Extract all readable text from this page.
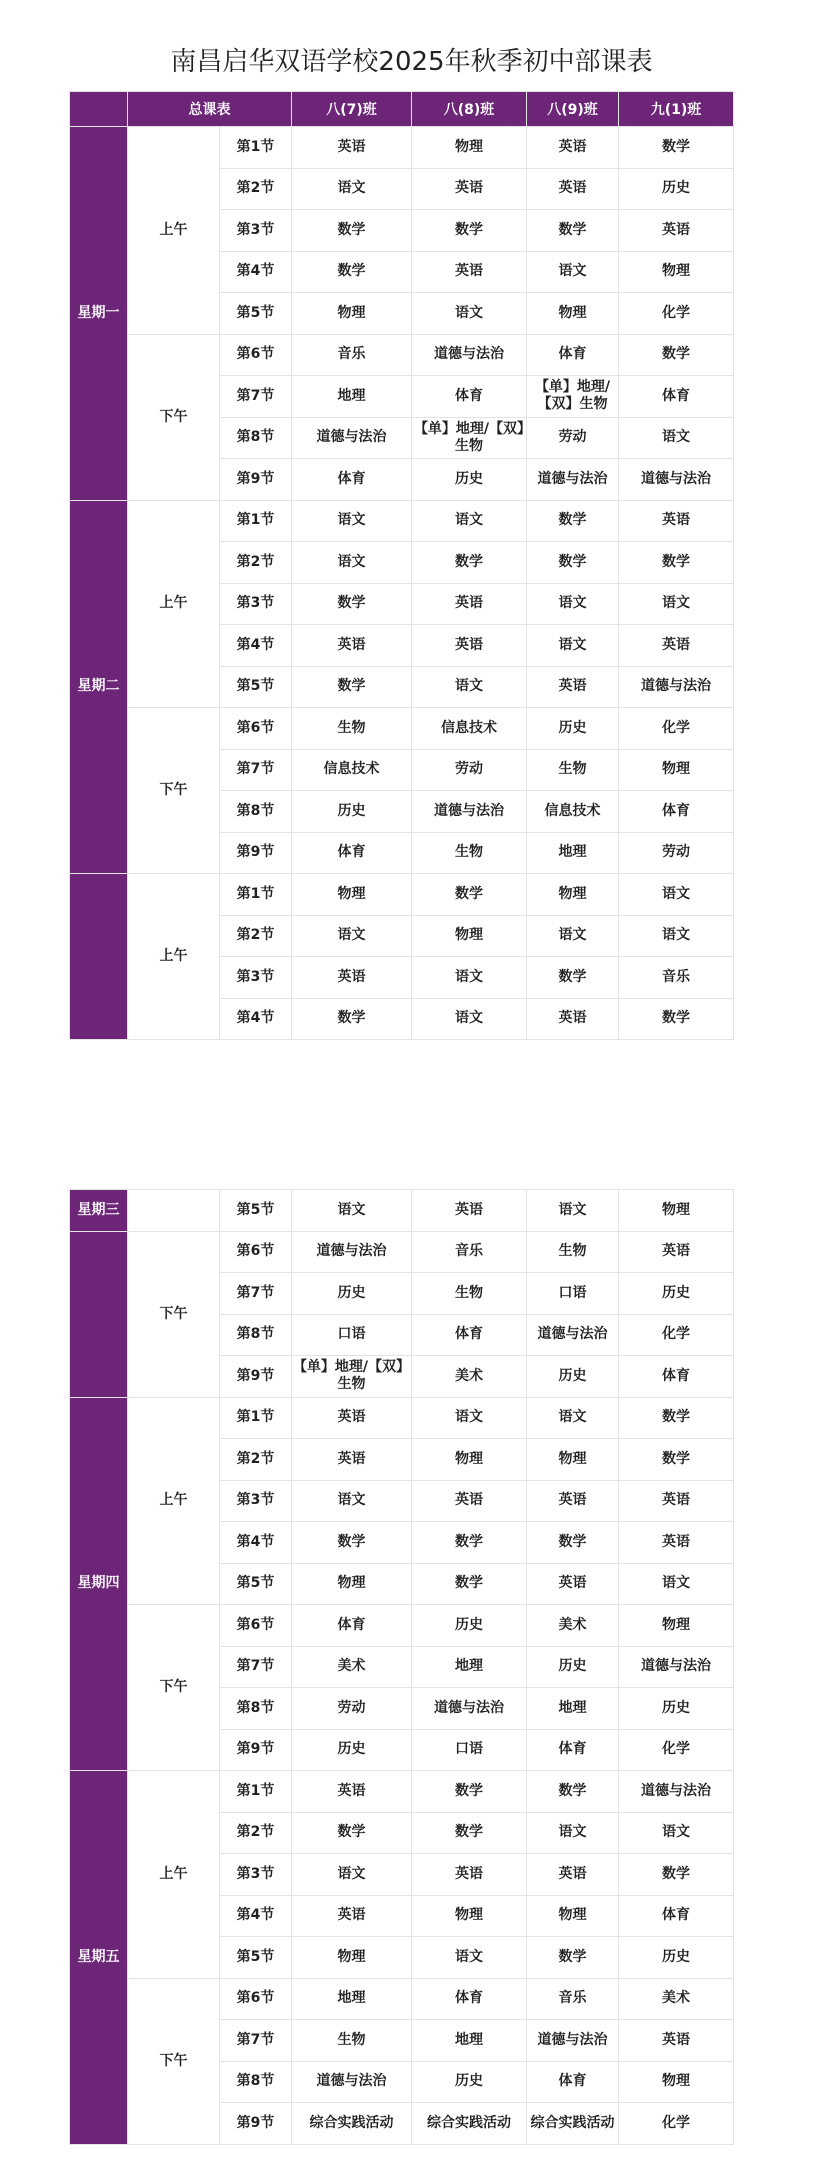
南昌启华双语学校2025年秋季初中部课表
	总课表		八(7)班	八(8)班	八(9)班	九(1)班
星期一	上午	第1节	英语	物理	英语	数学
		第2节	语文	英语	英语	历史
		第3节	数学	数学	数学	英语
		第4节	数学	英语	语文	物理
		第5节	物理	语文	物理	化学
	下午	第6节	音乐	道德与法治	体育	数学
		第7节	地理	体育	【单】地理/【双】生物	体育
		第8节	道德与法治	【单】地理/【双】生物	劳动	语文
		第9节	体育	历史	道德与法治	道德与法治
星期二	上午	第1节	语文	语文	数学	英语
		第2节	语文	数学	数学	数学
		第3节	数学	英语	语文	语文
		第4节	英语	英语	语文	英语
		第5节	数学	语文	英语	道德与法治
	下午	第6节	生物	信息技术	历史	化学
		第7节	信息技术	劳动	生物	物理
		第8节	历史	道德与法治	信息技术	体育
		第9节	体育	生物	地理	劳动
	上午	第1节	物理	数学	物理	语文
		第2节	语文	物理	语文	语文
		第3节	英语	语文	数学	音乐
		第4节	数学	语文	英语	数学
星期三		第5节	语文	英语	语文	物理
	下午	第6节	道德与法治	音乐	生物	英语
		第7节	历史	生物	口语	历史
		第8节	口语	体育	道德与法治	化学
		第9节	【单】地理/【双】生物	美术	历史	体育
星期四	上午	第1节	英语	语文	语文	数学
		第2节	英语	物理	物理	数学
		第3节	语文	英语	英语	英语
		第4节	数学	数学	数学	英语
		第5节	物理	数学	英语	语文
	下午	第6节	体育	历史	美术	物理
		第7节	美术	地理	历史	道德与法治
		第8节	劳动	道德与法治	地理	历史
		第9节	历史	口语	体育	化学
星期五	上午	第1节	英语	数学	数学	道德与法治
		第2节	数学	数学	语文	语文
		第3节	语文	英语	英语	数学
		第4节	英语	物理	物理	体育
		第5节	物理	语文	数学	历史
	下午	第6节	地理	体育	音乐	美术
		第7节	生物	地理	道德与法治	英语
		第8节	道德与法治	历史	体育	物理
		第9节	综合实践活动	综合实践活动	综合实践活动	化学
